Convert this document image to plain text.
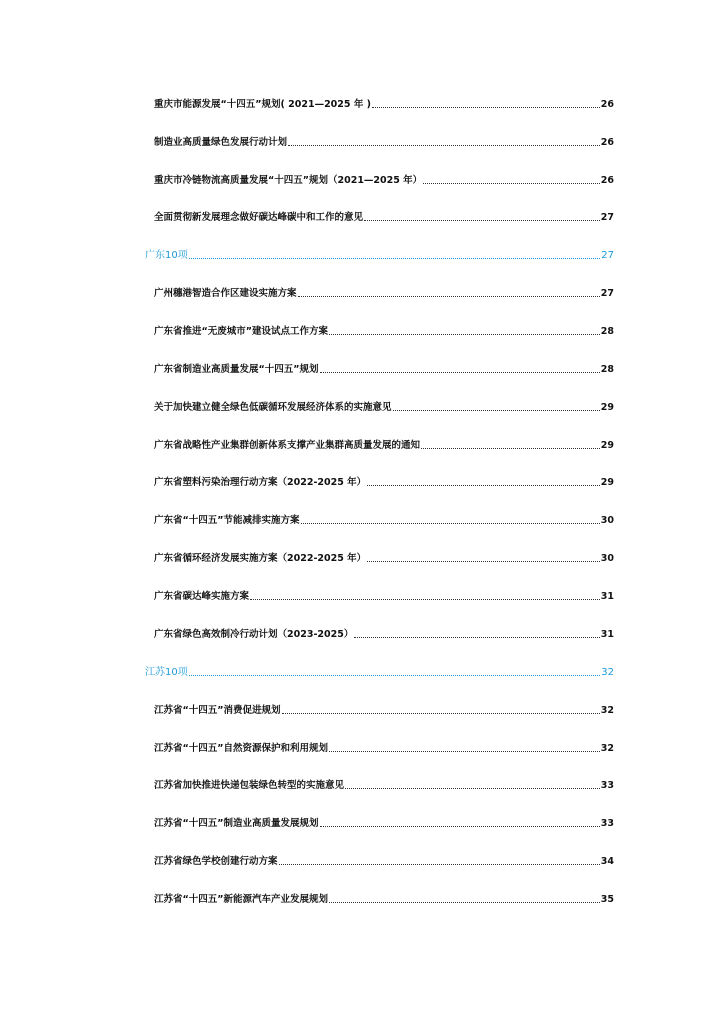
重庆市能源发展“十四五”规划( 2021—2025 年 )	26
制造业高质量绿色发展行动计划	26
重庆市冷链物流高质量发展“十四五”规划（2021—2025 年）	26
全面贯彻新发展理念做好碳达峰碳中和工作的意见	27
广东10项	27
广州穗港智造合作区建设实施方案	27
广东省推进“无废城市”建设试点工作方案	28
广东省制造业高质量发展“十四五”规划	28
关于加快建立健全绿色低碳循环发展经济体系的实施意见	29
广东省战略性产业集群创新体系支撑产业集群高质量发展的通知	29
广东省塑料污染治理行动方案（2022-2025 年）	29
广东省“十四五”节能减排实施方案	30
广东省循环经济发展实施方案（2022-2025 年）	30
广东省碳达峰实施方案	31
广东省绿色高效制冷行动计划（2023-2025）	31
江苏10项	32
江苏省“十四五”消费促进规划	32
江苏省“十四五”自然资源保护和利用规划	32
江苏省加快推进快递包装绿色转型的实施意见	33
江苏省“十四五”制造业高质量发展规划	33
江苏省绿色学校创建行动方案	34
江苏省“十四五”新能源汽车产业发展规划	35
